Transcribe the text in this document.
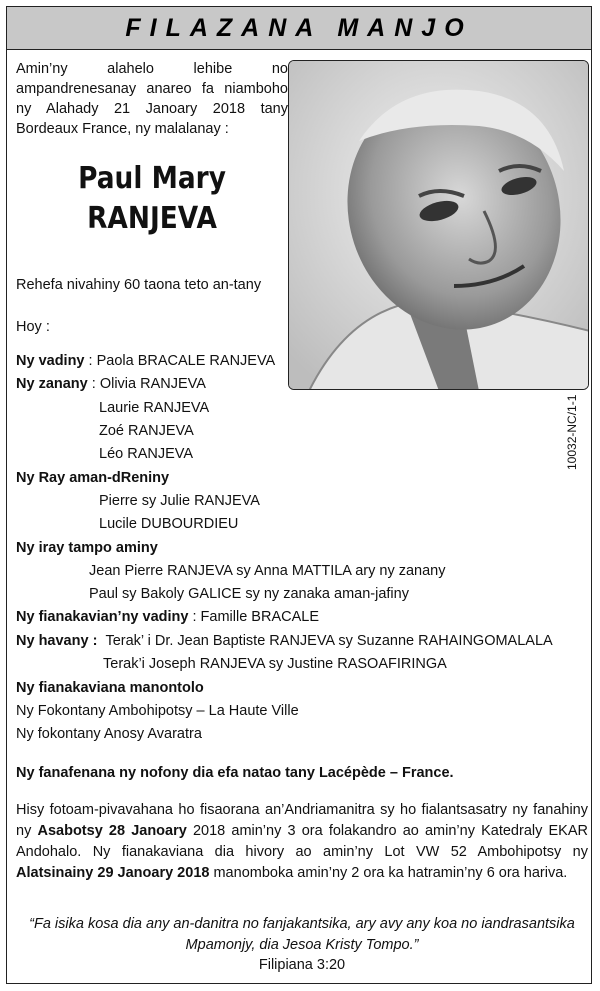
FILAZANA MANJO
Amin’ny alahelo lehibe no ampandrenesanay anareo fa niamboho ny Alahady 21 Janoary 2018 tany Bordeaux France, ny malalanay :
Paul Mary
RANJEVA
Rehefa nivahiny 60 taona teto an-tany
Hoy :
Ny vadiny : Paola BRACALE RANJEVA
Ny zanany : Olivia RANJEVA
Laurie RANJEVA
Zoé RANJEVA
Léo RANJEVA
Ny Ray aman-dReniny
Pierre sy Julie RANJEVA
Lucile DUBOURDIEU
Ny iray tampo aminy
Jean Pierre RANJEVA sy Anna MATTILA ary ny zanany
Paul sy Bakoly GALICE sy ny zanaka aman-jafiny
Ny fianakavian’ny vadiny : Famille BRACALE
Ny havany : Terak’ i Dr. Jean Baptiste RANJEVA sy Suzanne RAHAINGOMALALA
Terak’i Joseph RANJEVA sy Justine RASOAFIRINGA
Ny fianakaviana manontolo
Ny Fokontany Ambohipotsy – La Haute Ville
Ny fokontany Anosy Avaratra
Ny fanafenana ny nofony dia efa natao tany Lacépède – France.
Hisy fotoam-pivavahana ho fisaorana an’Andriamanitra sy ho fialantsasatry ny fanahiny ny Asabotsy 28 Janoary 2018 amin’ny 3 ora folakandro ao amin’ny Katedraly EKAR Andohalo. Ny fianakaviana dia hivory ao amin’ny Lot VW 52 Ambohipotsy ny Alatsinainy 29 Janoary 2018 manomboka amin’ny 2 ora ka hatramin’ny 6 ora hariva.
“Fa isika kosa dia any an-danitra no fanjakantsika, ary avy any koa no iandrasantsika Mpamonjy, dia Jesoa Kristy Tompo.”
Filipiana 3:20
10032-NC/1-1
